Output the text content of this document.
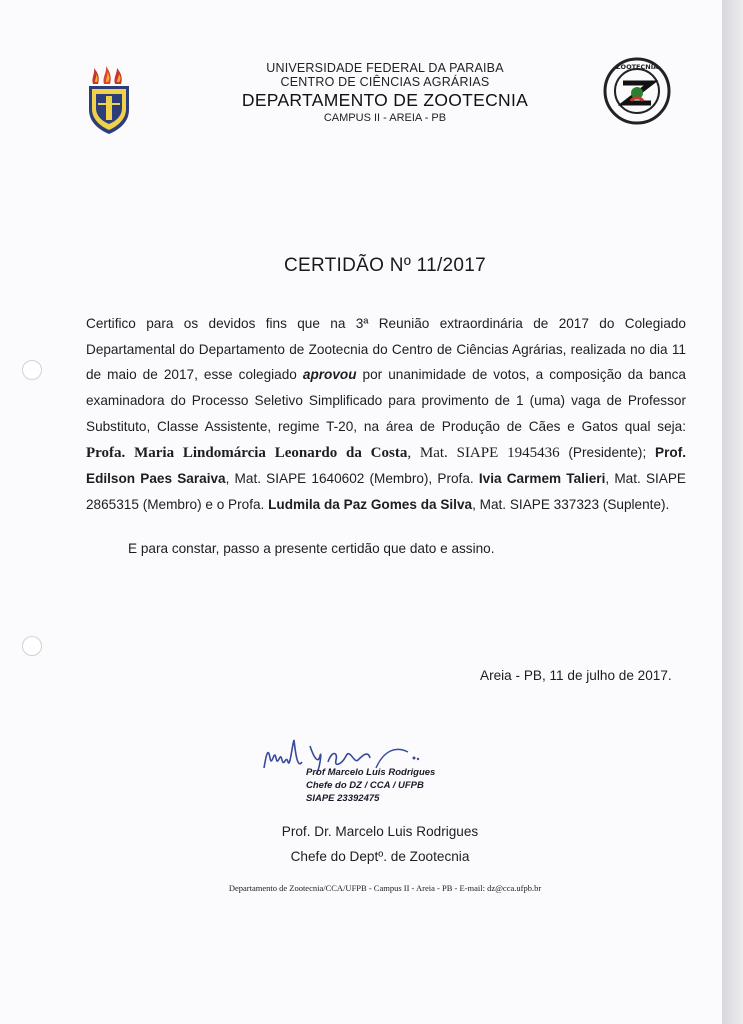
UNIVERSIDADE FEDERAL DA PARAIBA
CENTRO DE CIÊNCIAS AGRÁRIAS
DEPARTAMENTO DE ZOOTECNIA
CAMPUS II - AREIA - PB
ZOOTECNIA
CERTIDÃO Nº 11/2017
Certifico para os devidos fins que na 3ª Reunião extraordinária de 2017 do Colegiado Departamental do Departamento de Zootecnia do Centro de Ciências Agrárias, realizada no dia 11 de maio de 2017, esse colegiado aprovou por unanimidade de votos, a composição da banca examinadora do Processo Seletivo Simplificado para provimento de 1 (uma) vaga de Professor Substituto, Classe Assistente, regime T-20, na área de Produção de Cães e Gatos qual seja: Profa. Maria Lindomárcia Leonardo da Costa, Mat. SIAPE 1945436 (Presidente); Prof. Edilson Paes Saraiva, Mat. SIAPE 1640602 (Membro), Profa. Ivia Carmem Talieri, Mat. SIAPE 2865315 (Membro) e o Profa. Ludmila da Paz Gomes da Silva, Mat. SIAPE 337323 (Suplente).
E para constar, passo a presente certidão que dato e assino.
Areia - PB, 11 de julho de 2017.
Prof Marcelo Luis Rodrigues
Chefe do DZ / CCA / UFPB
SIAPE 23392475
Prof. Dr. Marcelo Luis Rodrigues
Chefe do Deptº. de Zootecnia
Departamento de Zootecnia/CCA/UFPB - Campus II - Areia - PB - E-mail: dz@cca.ufpb.br
